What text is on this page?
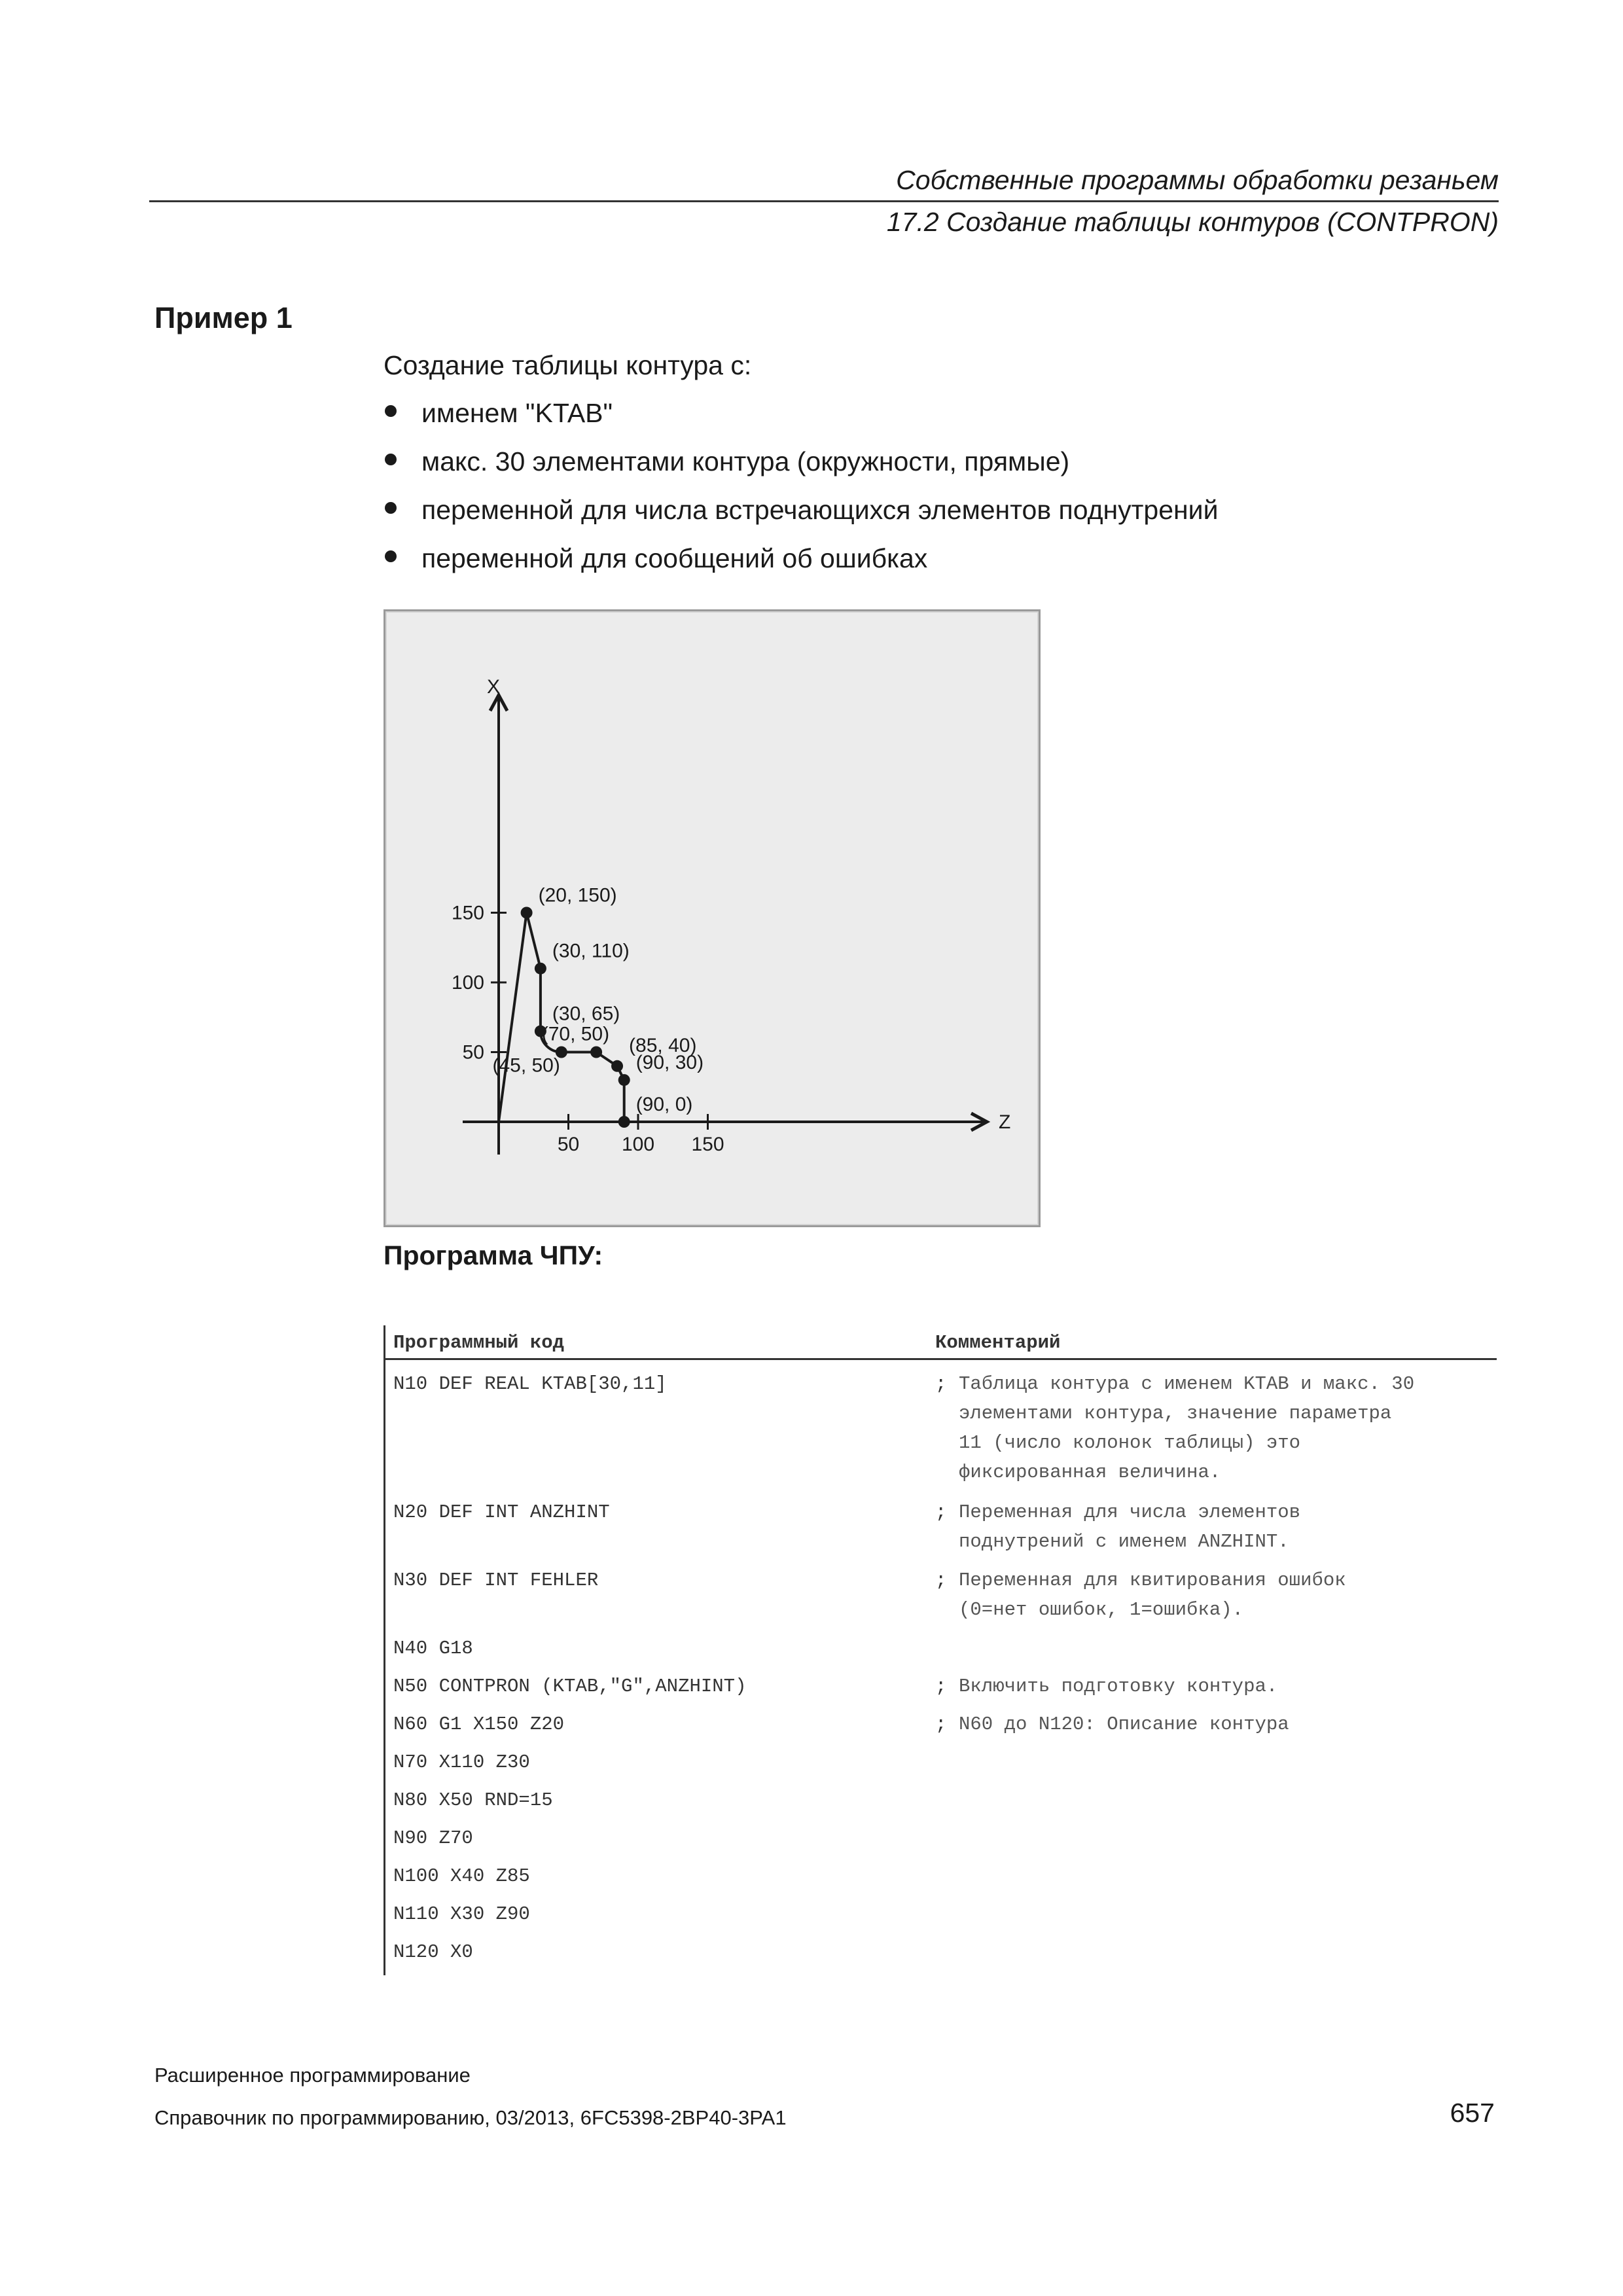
Собственные программы обработки резаньем
17.2 Создание таблицы контуров (CONTPRON)
Пример 1
Создание таблицы контура с:
именем "KTAB"
макс. 30 элементами контура (окружности, прямые)
переменной для числа встречающихся элементов поднутрений
переменной для сообщений об ошибках
X
Z
50
100
150
50 100 150
(20, 150)
(30, 110)
(30, 65)
(45, 50)
(70, 50)
(85, 40)
(90, 30)
(90, 0)
Программа ЧПУ:
Программный код	Комментарий
N10 DEF REAL KTAB[30,11]	; Таблица контура с именем KTAB и макс. 30
элементами контура, значение параметра
11 (число колонок таблицы) это
фиксированная величина.
N20 DEF INT ANZHINT	; Переменная для числа элементов
поднутрений с именем ANZHINT.
N30 DEF INT FEHLER	; Переменная для квитирования ошибок
(0=нет ошибок, 1=ошибка).
N40 G18
N50 CONTPRON (KTAB,"G",ANZHINT)	; Включить подготовку контура.
N60 G1 X150 Z20	; N60 до N120: Описание контура
N70 X110 Z30
N80 X50 RND=15
N90 Z70
N100 X40 Z85
N110 X30 Z90
N120 X0
Расширенное программирование
Справочник по программированию, 03/2013, 6FC5398-2BP40-3PA1	657
